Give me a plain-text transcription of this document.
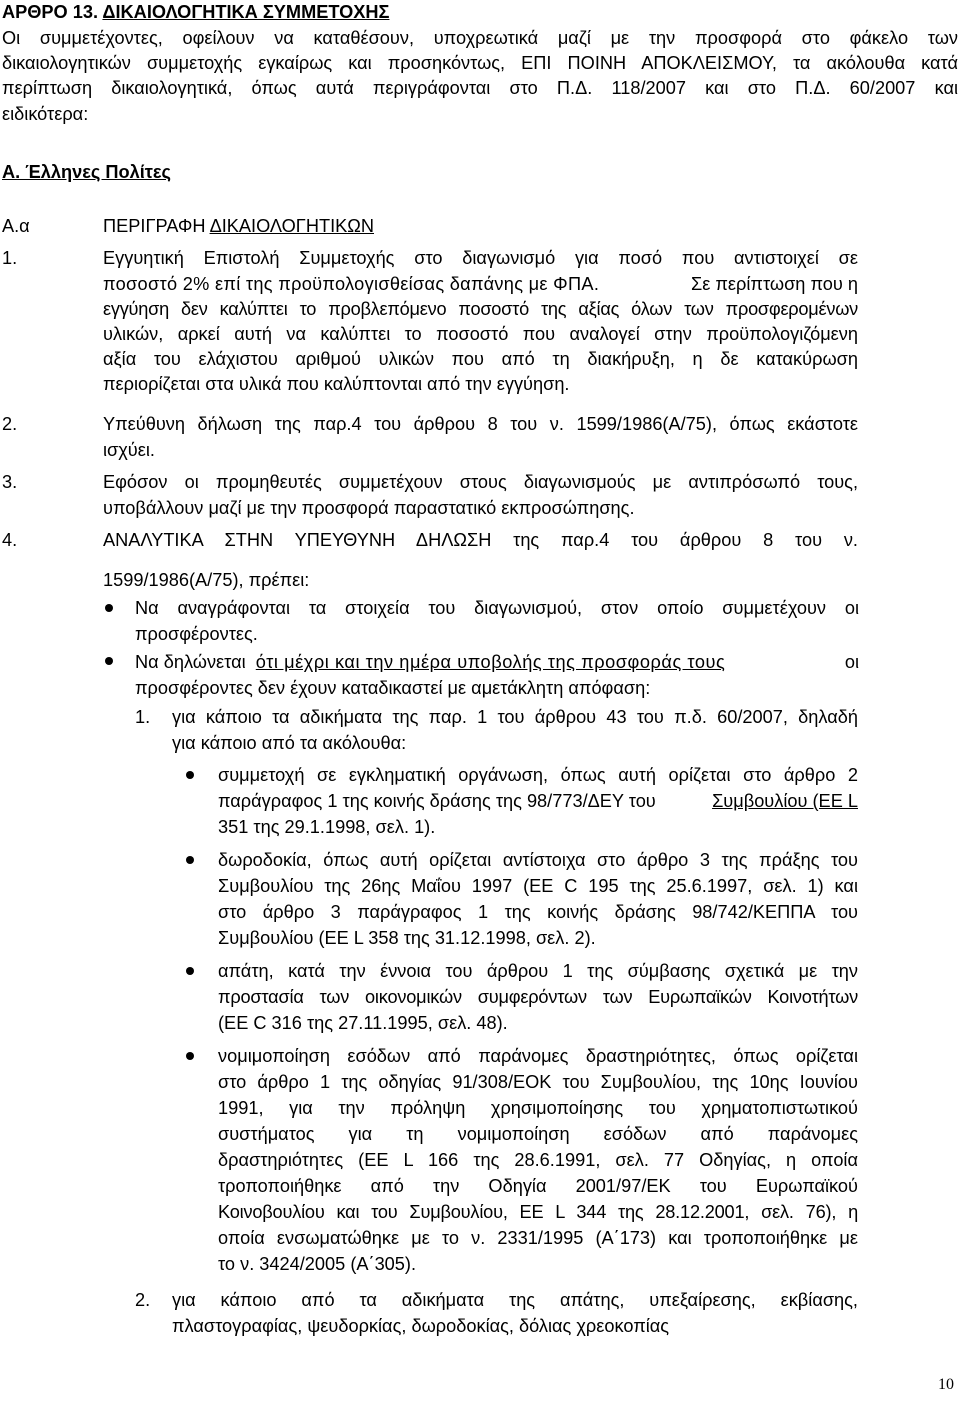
ΑΡΘΡΟ 13. ΔΙΚΑΙΟΛΟΓΗΤΙΚΑ ΣΥΜΜΕΤΟΧΗΣ
Οι συμμετέχοντες, οφείλουν να καταθέσουν, υποχρεωτικά μαζί με την προσφορά στο φάκελο των
δικαιολογητικών συμμετοχής εγκαίρως και προσηκόντως, ΕΠΙ ΠΟΙΝΗ ΑΠΟΚΛΕΙΣΜΟΥ, τα ακόλουθα κατά
περίπτωση δικαιολογητικά, όπως αυτά περιγράφονται στο Π.Δ. 118/2007 και στο Π.Δ. 60/2007 και
ειδικότερα:
Α. Έλληνες Πολίτες
Α.α	ΠΕΡΙΓΡΑΦΗ ΔΙΚΑΙΟΛΟΓΗΤΙΚΩΝ
1.	Εγγυητική Επιστολή Συμμετοχής στο διαγωνισμό για ποσό που αντιστοιχεί σε
ποσοστό 2% επί της προϋπολογισθείσας δαπάνης με ΦΠΑ.	Σε περίπτωση που η
εγγύηση δεν καλύπτει το προβλεπόμενο ποσοστό της αξίας όλων των προσφερομένων
υλικών, αρκεί αυτή να καλύπτει το ποσοστό που αναλογεί στην προϋπολογιζόμενη
αξία του ελάχιστου αριθμού υλικών που από τη διακήρυξη, η δε κατακύρωση
περιορίζεται στα υλικά που καλύπτονται από την εγγύηση.
2.	Υπεύθυνη δήλωση της παρ.4 του άρθρου 8 του ν. 1599/1986(Α/75), όπως εκάστοτε
ισχύει.
3.	Εφόσον οι προμηθευτές συμμετέχουν στους διαγωνισμούς με αντιπρόσωπό τους,
υποβάλλουν μαζί με την προσφορά παραστατικό εκπροσώπησης.
4.	ΑΝΑΛΥΤΙΚΑ ΣΤΗΝ ΥΠΕΥΘΥΝΗ ΔΗΛΩΣΗ της παρ.4 του άρθρου 8 του ν.
1599/1986(Α/75), πρέπει:
Να αναγράφονται τα στοιχεία του διαγωνισμού, στον οποίο συμμετέχουν οι
προσφέροντες.
Να δηλώνεται ότι μέχρι και την ημέρα υποβολής της προσφοράς τους	οι
προσφέροντες δεν έχουν καταδικαστεί με αμετάκλητη απόφαση:
1. για κάποιο τα αδικήματα της παρ. 1 του άρθρου 43 του π.δ. 60/2007, δηλαδή
για κάποιο από τα ακόλουθα:
συμμετοχή σε εγκληματική οργάνωση, όπως αυτή ορίζεται στο άρθρο 2
παράγραφος 1 της κοινής δράσης της 98/773/ΔΕΥ του	Συμβουλίου (ΕΕ L
351 της 29.1.1998, σελ. 1).
δωροδοκία, όπως αυτή ορίζεται αντίστοιχα στο άρθρο 3 της πράξης του
Συμβουλίου της 26ης Μαΐου 1997 (ΕΕ C 195 της 25.6.1997, σελ. 1) και
στο άρθρο 3 παράγραφος 1 της κοινής δράσης 98/742/ΚΕΠΠΑ του
Συμβουλίου (ΕΕ L 358 της 31.12.1998, σελ. 2).
απάτη, κατά την έννοια του άρθρου 1 της σύμβασης σχετικά με την
προστασία των οικονομικών συμφερόντων των Ευρωπαϊκών Κοινοτήτων
(ΕΕ C 316 της 27.11.1995, σελ. 48).
νομιμοποίηση εσόδων από παράνομες δραστηριότητες, όπως ορίζεται
στο άρθρο 1 της οδηγίας 91/308/ΕΟΚ του Συμβουλίου, της 10ης Ιουνίου
1991, για την πρόληψη χρησιμοποίησης του χρηματοπιστωτικού
συστήματος για τη νομιμοποίηση εσόδων από παράνομες
δραστηριότητες (ΕΕ L 166 της 28.6.1991, σελ. 77 Οδηγίας, η οποία
τροποποιήθηκε από την Οδηγία 2001/97/ΕΚ του Ευρωπαϊκού
Κοινοβουλίου και του Συμβουλίου, ΕΕ L 344 της 28.12.2001, σελ. 76), η
οποία ενσωματώθηκε με το ν. 2331/1995 (Α΄173) και τροποποιήθηκε με
το ν. 3424/2005 (Α΄305).
2. για κάποιο από τα αδικήματα της απάτης, υπεξαίρεσης, εκβίασης,
πλαστογραφίας, ψευδορκίας, δωροδοκίας, δόλιας χρεοκοπίας
10
